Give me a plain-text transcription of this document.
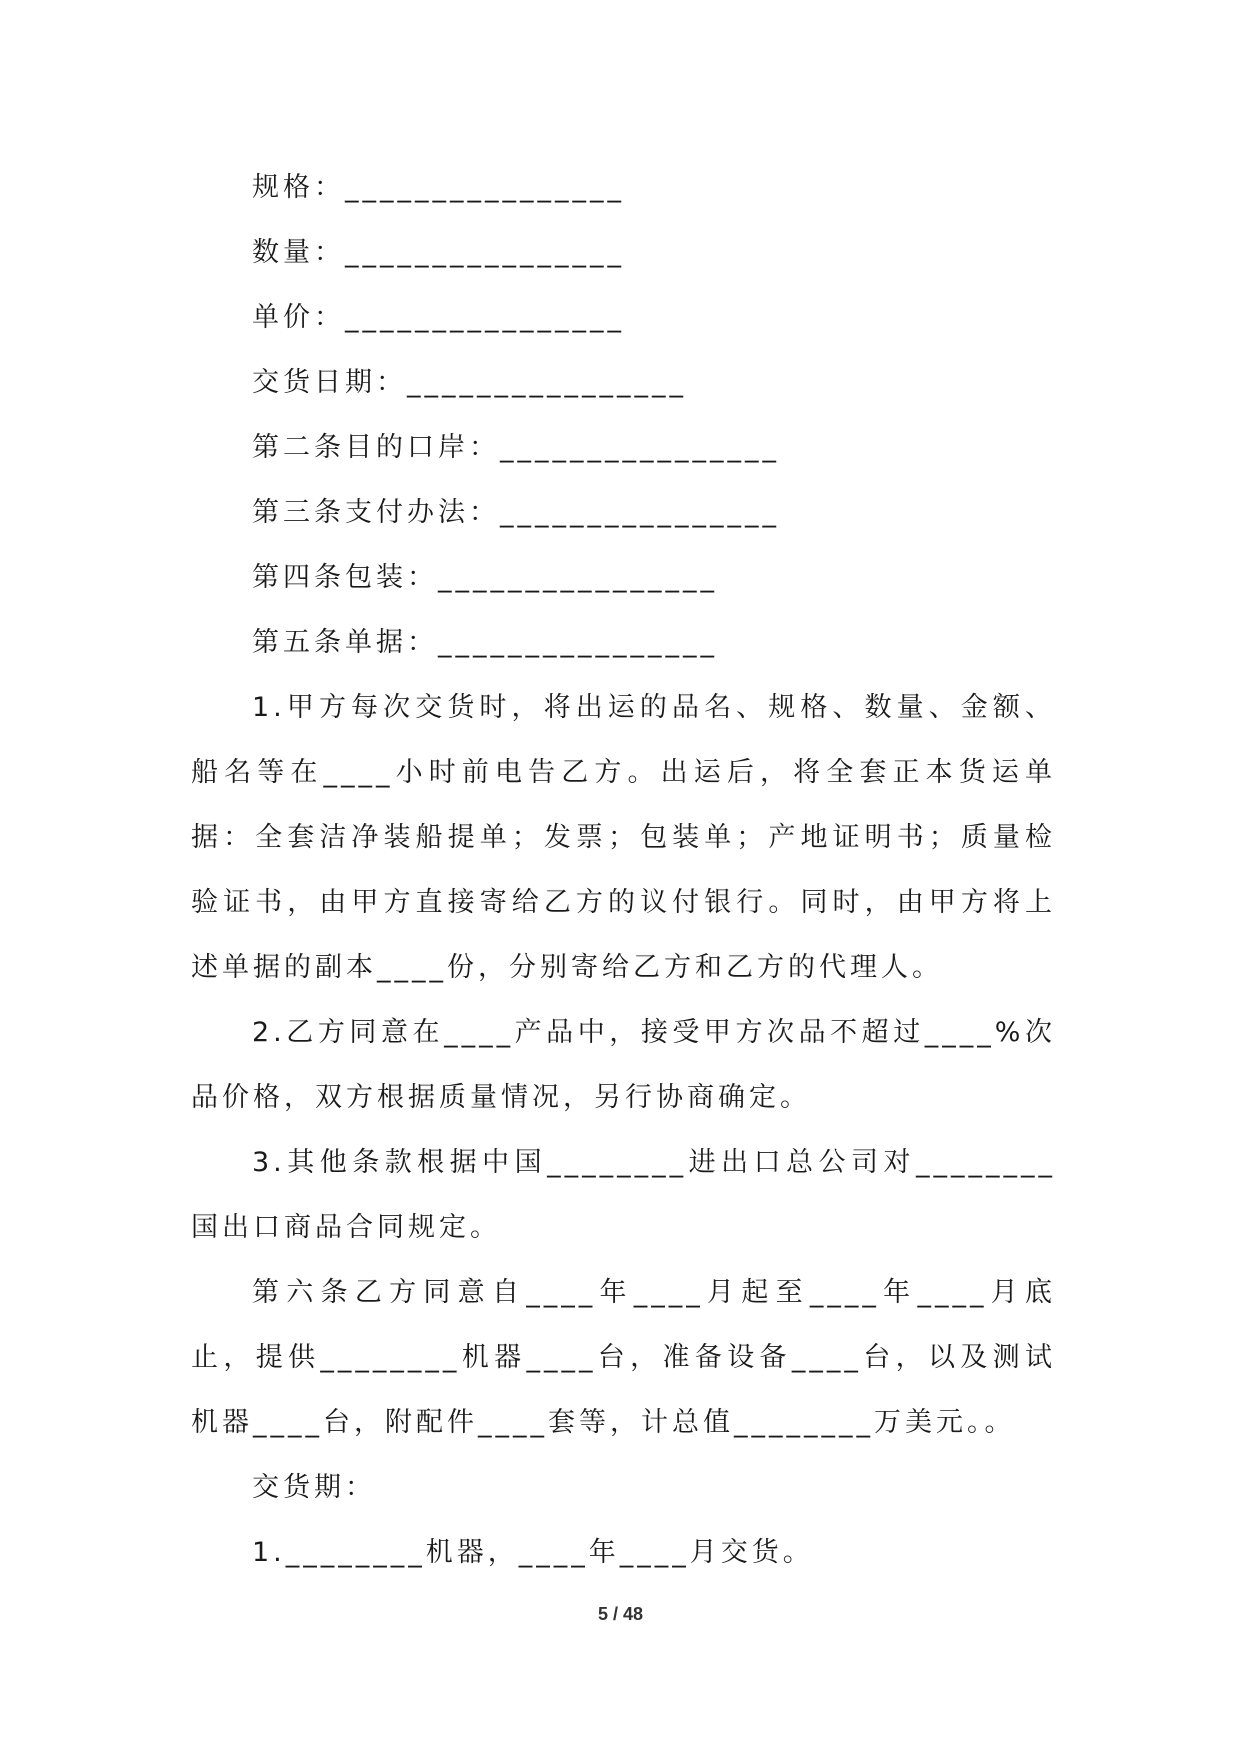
规格：________________

数量：________________

单价：________________

交货日期：________________

第二条目的口岸：________________

第三条支付办法：________________

第四条包装：________________

第五条单据：________________

1.甲方每次交货时，将出运的品名、规格、数量、金额、船名等在____小时前电告乙方。出运后，将全套正本货运单据：全套洁净装船提单；发票；包装单；产地证明书；质量检验证书，由甲方直接寄给乙方的议付银行。同时，由甲方将上述单据的副本____份，分别寄给乙方和乙方的代理人。

2.乙方同意在____产品中，接受甲方次品不超过____%次品价格，双方根据质量情况，另行协商确定。

3.其他条款根据中国________进出口总公司对________国出口商品合同规定。

第六条乙方同意自____年____月起至____年____月底止，提供________机器____台，准备设备____台，以及测试机器____台，附配件____套等，计总值________万美元。。

交货期：

1.________机器，____年____月交货。

5 / 48
